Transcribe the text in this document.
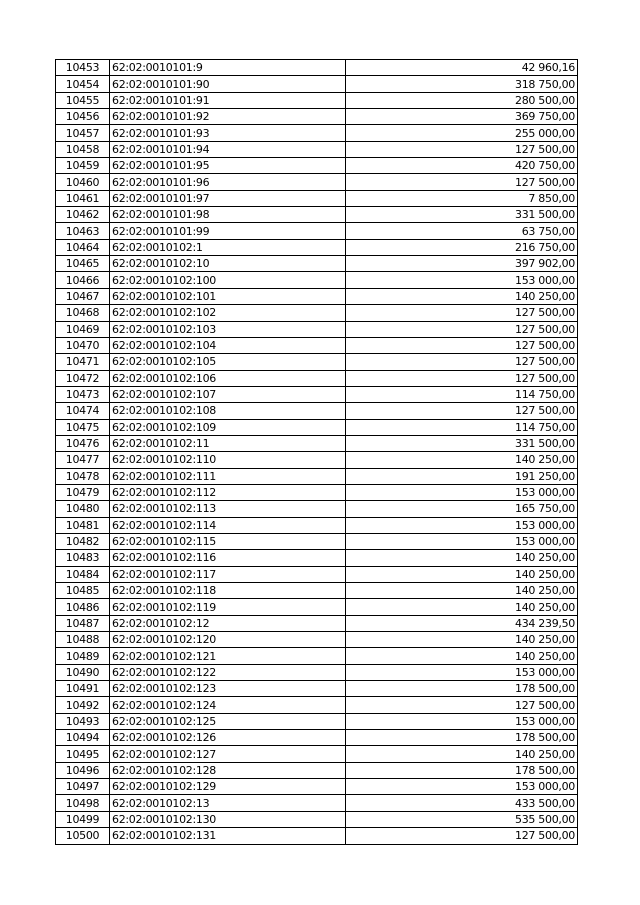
10453	62:02:0010101:9	42 960,16
10454	62:02:0010101:90	318 750,00
10455	62:02:0010101:91	280 500,00
10456	62:02:0010101:92	369 750,00
10457	62:02:0010101:93	255 000,00
10458	62:02:0010101:94	127 500,00
10459	62:02:0010101:95	420 750,00
10460	62:02:0010101:96	127 500,00
10461	62:02:0010101:97	7 850,00
10462	62:02:0010101:98	331 500,00
10463	62:02:0010101:99	63 750,00
10464	62:02:0010102:1	216 750,00
10465	62:02:0010102:10	397 902,00
10466	62:02:0010102:100	153 000,00
10467	62:02:0010102:101	140 250,00
10468	62:02:0010102:102	127 500,00
10469	62:02:0010102:103	127 500,00
10470	62:02:0010102:104	127 500,00
10471	62:02:0010102:105	127 500,00
10472	62:02:0010102:106	127 500,00
10473	62:02:0010102:107	114 750,00
10474	62:02:0010102:108	127 500,00
10475	62:02:0010102:109	114 750,00
10476	62:02:0010102:11	331 500,00
10477	62:02:0010102:110	140 250,00
10478	62:02:0010102:111	191 250,00
10479	62:02:0010102:112	153 000,00
10480	62:02:0010102:113	165 750,00
10481	62:02:0010102:114	153 000,00
10482	62:02:0010102:115	153 000,00
10483	62:02:0010102:116	140 250,00
10484	62:02:0010102:117	140 250,00
10485	62:02:0010102:118	140 250,00
10486	62:02:0010102:119	140 250,00
10487	62:02:0010102:12	434 239,50
10488	62:02:0010102:120	140 250,00
10489	62:02:0010102:121	140 250,00
10490	62:02:0010102:122	153 000,00
10491	62:02:0010102:123	178 500,00
10492	62:02:0010102:124	127 500,00
10493	62:02:0010102:125	153 000,00
10494	62:02:0010102:126	178 500,00
10495	62:02:0010102:127	140 250,00
10496	62:02:0010102:128	178 500,00
10497	62:02:0010102:129	153 000,00
10498	62:02:0010102:13	433 500,00
10499	62:02:0010102:130	535 500,00
10500	62:02:0010102:131	127 500,00
